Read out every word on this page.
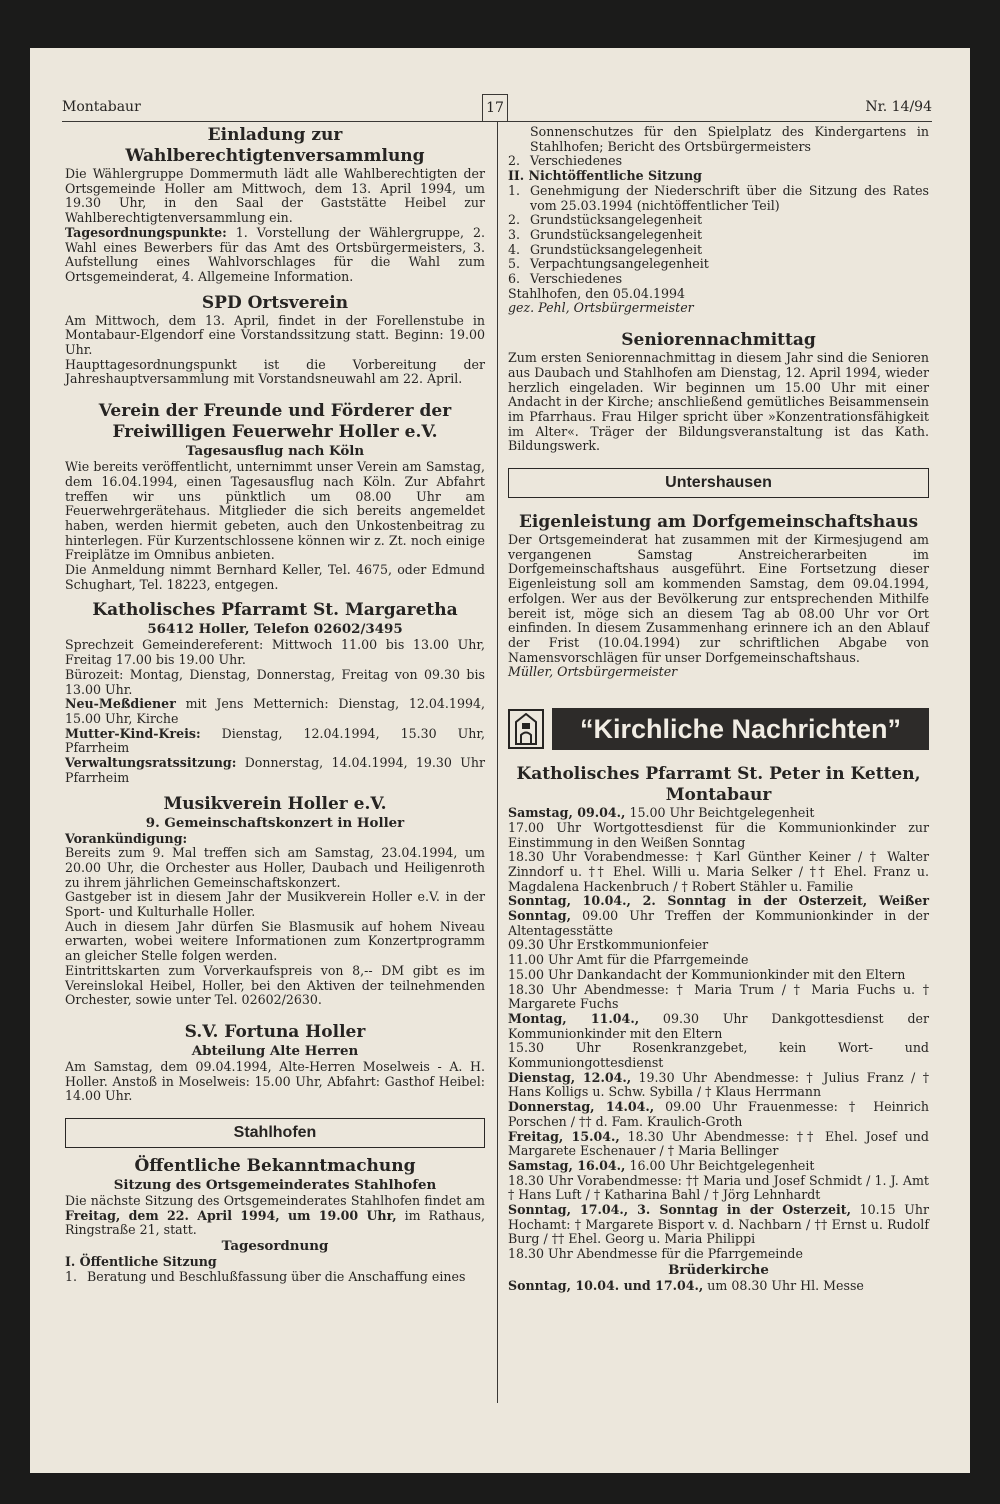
Montabaur	17	Nr. 14/94
Einladung zur Wahlberechtigtenversammlung

Die Wählergruppe Dommermuth lädt alle Wahlberechtigten der Ortsgemeinde Holler am Mittwoch, dem 13. April 1994, um 19.30 Uhr, in den Saal der Gaststätte Heibel zur Wahlberechtigtenversammlung ein.

Tagesordnungspunkte: 1. Vorstellung der Wählergruppe, 2. Wahl eines Bewerbers für das Amt des Ortsbürgermeisters, 3. Aufstellung eines Wahlvorschlages für die Wahl zum Ortsgemeinderat, 4. Allgemeine Information.

SPD Ortsverein

Am Mittwoch, dem 13. April, findet in der Forellenstube in Montabaur-Elgendorf eine Vorstandssitzung statt. Beginn: 19.00 Uhr.

Haupttagesordnungspunkt ist die Vorbereitung der Jahreshauptversammlung mit Vorstandsneuwahl am 22. April.

Verein der Freunde und Förderer der Freiwilligen Feuerwehr Holler e.V.
Tagesausflug nach Köln

Wie bereits veröffentlicht, unternimmt unser Verein am Samstag, dem 16.04.1994, einen Tagesausflug nach Köln. Zur Abfahrt treffen wir uns pünktlich um 08.00 Uhr am Feuerwehrgerätehaus. Mitglieder die sich bereits angemeldet haben, werden hiermit gebeten, auch den Unkostenbeitrag zu hinterlegen. Für Kurzentschlossene können wir z. Zt. noch einige Freiplätze im Omnibus anbieten.

Die Anmeldung nimmt Bernhard Keller, Tel. 4675, oder Edmund Schughart, Tel. 18223, entgegen.

Katholisches Pfarramt St. Margaretha
56412 Holler, Telefon 02602/3495

Sprechzeit Gemeindereferent: Mittwoch 11.00 bis 13.00 Uhr, Freitag 17.00 bis 19.00 Uhr.

Bürozeit: Montag, Dienstag, Donnerstag, Freitag von 09.30 bis 13.00 Uhr.

Neu-Meßdiener mit Jens Metternich: Dienstag, 12.04.1994, 15.00 Uhr, Kirche

Mutter-Kind-Kreis: Dienstag, 12.04.1994, 15.30 Uhr, Pfarrheim

Verwaltungsratssitzung: Donnerstag, 14.04.1994, 19.30 Uhr Pfarrheim

Musikverein Holler e.V.
9. Gemeinschaftskonzert in Holler

Vorankündigung:

Bereits zum 9. Mal treffen sich am Samstag, 23.04.1994, um 20.00 Uhr, die Orchester aus Holler, Daubach und Heiligenroth zu ihrem jährlichen Gemeinschaftskonzert.

Gastgeber ist in diesem Jahr der Musikverein Holler e.V. in der Sport- und Kulturhalle Holler.

Auch in diesem Jahr dürfen Sie Blasmusik auf hohem Niveau erwarten, wobei weitere Informationen zum Konzertprogramm an gleicher Stelle folgen werden.

Eintrittskarten zum Vorverkaufspreis von 8,-- DM gibt es im Vereinslokal Heibel, Holler, bei den Aktiven der teilnehmenden Orchester, sowie unter Tel. 02602/2630.

S.V. Fortuna Holler
Abteilung Alte Herren

Am Samstag, dem 09.04.1994, Alte-Herren Moselweis - A. H. Holler. Anstoß in Moselweis: 15.00 Uhr, Abfahrt: Gasthof Heibel: 14.00 Uhr.

Stahlhofen
Öffentliche Bekanntmachung
Sitzung des Ortsgemeinderates Stahlhofen

Die nächste Sitzung des Ortsgemeinderates Stahlhofen findet am Freitag, dem 22. April 1994, um 19.00 Uhr, im Rathaus, Ringstraße 21, statt.

Tagesordnung

I. Öffentliche Sitzung

1. Beratung und Beschlußfassung über die Anschaffung eines
Sonnenschutzes für den Spielplatz des Kindergartens in Stahlhofen; Bericht des Ortsbürgermeisters
2. Verschiedenes

II. Nichtöffentliche Sitzung

1. Genehmigung der Niederschrift über die Sitzung des Rates vom 25.03.1994 (nichtöffentlicher Teil)
2. Grundstücksangelegenheit
3. Grundstücksangelegenheit
4. Grundstücksangelegenheit
5. Verpachtungsangelegenheit
6. Verschiedenes

Stahlhofen, den 05.04.1994

gez. Pehl, Ortsbürgermeister

Seniorennachmittag

Zum ersten Seniorennachmittag in diesem Jahr sind die Senioren aus Daubach und Stahlhofen am Dienstag, 12. April 1994, wieder herzlich eingeladen. Wir beginnen um 15.00 Uhr mit einer Andacht in der Kirche; anschließend gemütliches Beisammensein im Pfarrhaus. Frau Hilger spricht über »Konzentrationsfähigkeit im Alter«. Träger der Bildungsveranstaltung ist das Kath. Bildungswerk.

Untershausen
Eigenleistung am Dorfgemeinschaftshaus

Der Ortsgemeinderat hat zusammen mit der Kirmesjugend am vergangenen Samstag Anstreicherarbeiten im Dorfgemeinschaftshaus ausgeführt. Eine Fortsetzung dieser Eigenleistung soll am kommenden Samstag, dem 09.04.1994, erfolgen. Wer aus der Bevölkerung zur entsprechenden Mithilfe bereit ist, möge sich an diesem Tag ab 08.00 Uhr vor Ort einfinden. In diesem Zusammenhang erinnere ich an den Ablauf der Frist (10.04.1994) zur schriftlichen Abgabe von Namensvorschlägen für unser Dorfgemeinschaftshaus.

Müller, Ortsbürgermeister

“Kirchliche Nachrichten”
Katholisches Pfarramt St. Peter in Ketten, Montabaur

Samstag, 09.04., 15.00 Uhr Beichtgelegenheit

17.00 Uhr Wortgottesdienst für die Kommunionkinder zur Einstimmung in den Weißen Sonntag

18.30 Uhr Vorabendmesse: † Karl Günther Keiner / † Walter Zinndorf u. †† Ehel. Willi u. Maria Selker / †† Ehel. Franz u. Magdalena Hackenbruch / † Robert Stähler u. Familie

Sonntag, 10.04., 2. Sonntag in der Osterzeit, Weißer Sonntag, 09.00 Uhr Treffen der Kommunionkinder in der Altentagesstätte

09.30 Uhr Erstkommunionfeier

11.00 Uhr Amt für die Pfarrgemeinde

15.00 Uhr Dankandacht der Kommunionkinder mit den Eltern

18.30 Uhr Abendmesse: † Maria Trum / † Maria Fuchs u. † Margarete Fuchs

Montag, 11.04., 09.30 Uhr Dankgottesdienst der Kommunionkinder mit den Eltern

15.30 Uhr Rosenkranzgebet, kein Wort- und Kommuniongottesdienst

Dienstag, 12.04., 19.30 Uhr Abendmesse: † Julius Franz / † Hans Kolligs u. Schw. Sybilla / † Klaus Herrmann

Donnerstag, 14.04., 09.00 Uhr Frauenmesse: † Heinrich Porschen / †† d. Fam. Kraulich-Groth

Freitag, 15.04., 18.30 Uhr Abendmesse: †† Ehel. Josef und Margarete Eschenauer / † Maria Bellinger

Samstag, 16.04., 16.00 Uhr Beichtgelegenheit

18.30 Uhr Vorabendmesse: †† Maria und Josef Schmidt / 1. J. Amt † Hans Luft / † Katharina Bahl / † Jörg Lehnhardt

Sonntag, 17.04., 3. Sonntag in der Osterzeit, 10.15 Uhr Hochamt: † Margarete Bisport v. d. Nachbarn / †† Ernst u. Rudolf Burg / †† Ehel. Georg u. Maria Philippi

18.30 Uhr Abendmesse für die Pfarrgemeinde

Brüderkirche

Sonntag, 10.04. und 17.04., um 08.30 Uhr Hl. Messe
